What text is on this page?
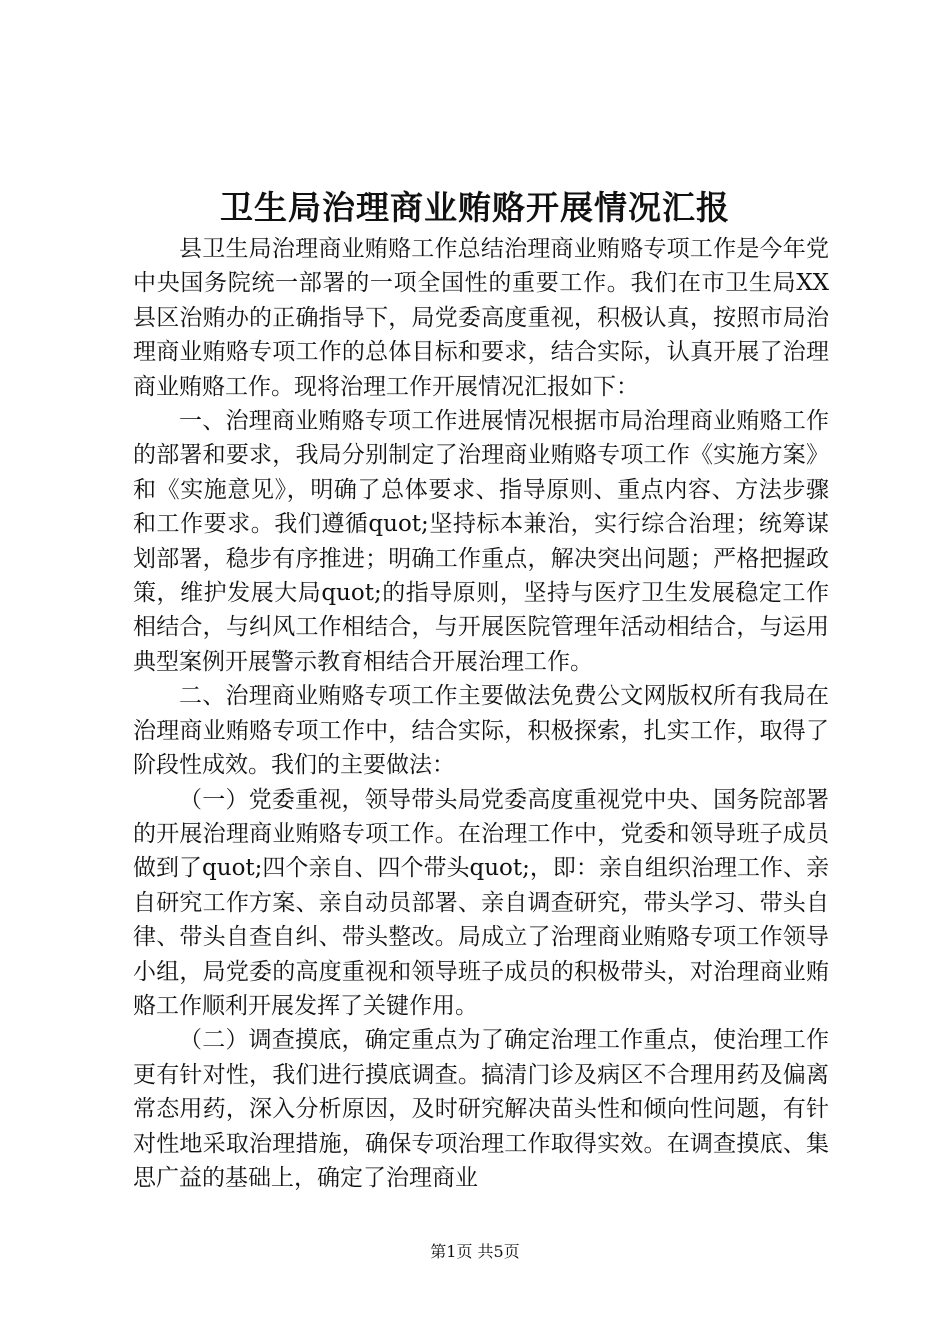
卫生局治理商业贿赂开展情况汇报

县卫生局治理商业贿赂工作总结治理商业贿赂专项工作是今年党中央国务院统一部署的一项全国性的重要工作。我们在市卫生局XX县区治贿办的正确指导下，局党委高度重视，积极认真，按照市局治理商业贿赂专项工作的总体目标和要求，结合实际，认真开展了治理商业贿赂工作。现将治理工作开展情况汇报如下：

一、治理商业贿赂专项工作进展情况根据市局治理商业贿赂工作的部署和要求，我局分别制定了治理商业贿赂专项工作《实施方案》和《实施意见》，明确了总体要求、指导原则、重点内容、方法步骤和工作要求。我们遵循quot;坚持标本兼治，实行综合治理；统筹谋划部署，稳步有序推进；明确工作重点，解决突出问题；严格把握政策，维护发展大局quot;的指导原则，坚持与医疗卫生发展稳定工作相结合，与纠风工作相结合，与开展医院管理年活动相结合，与运用典型案例开展警示教育相结合开展治理工作。

二、治理商业贿赂专项工作主要做法免费公文网版权所有我局在治理商业贿赂专项工作中，结合实际，积极探索，扎实工作，取得了阶段性成效。我们的主要做法：

（一）党委重视，领导带头局党委高度重视党中央、国务院部署的开展治理商业贿赂专项工作。在治理工作中，党委和领导班子成员做到了quot;四个亲自、四个带头quot;，即：亲自组织治理工作、亲自研究工作方案、亲自动员部署、亲自调查研究，带头学习、带头自律、带头自查自纠、带头整改。局成立了治理商业贿赂专项工作领导小组，局党委的高度重视和领导班子成员的积极带头，对治理商业贿赂工作顺利开展发挥了关键作用。

（二）调查摸底，确定重点为了确定治理工作重点，使治理工作更有针对性，我们进行摸底调查。搞清门诊及病区不合理用药及偏离常态用药，深入分析原因，及时研究解决苗头性和倾向性问题，有针对性地采取治理措施，确保专项治理工作取得实效。在调查摸底、集思广益的基础上，确定了治理商业

第1页 共5页
